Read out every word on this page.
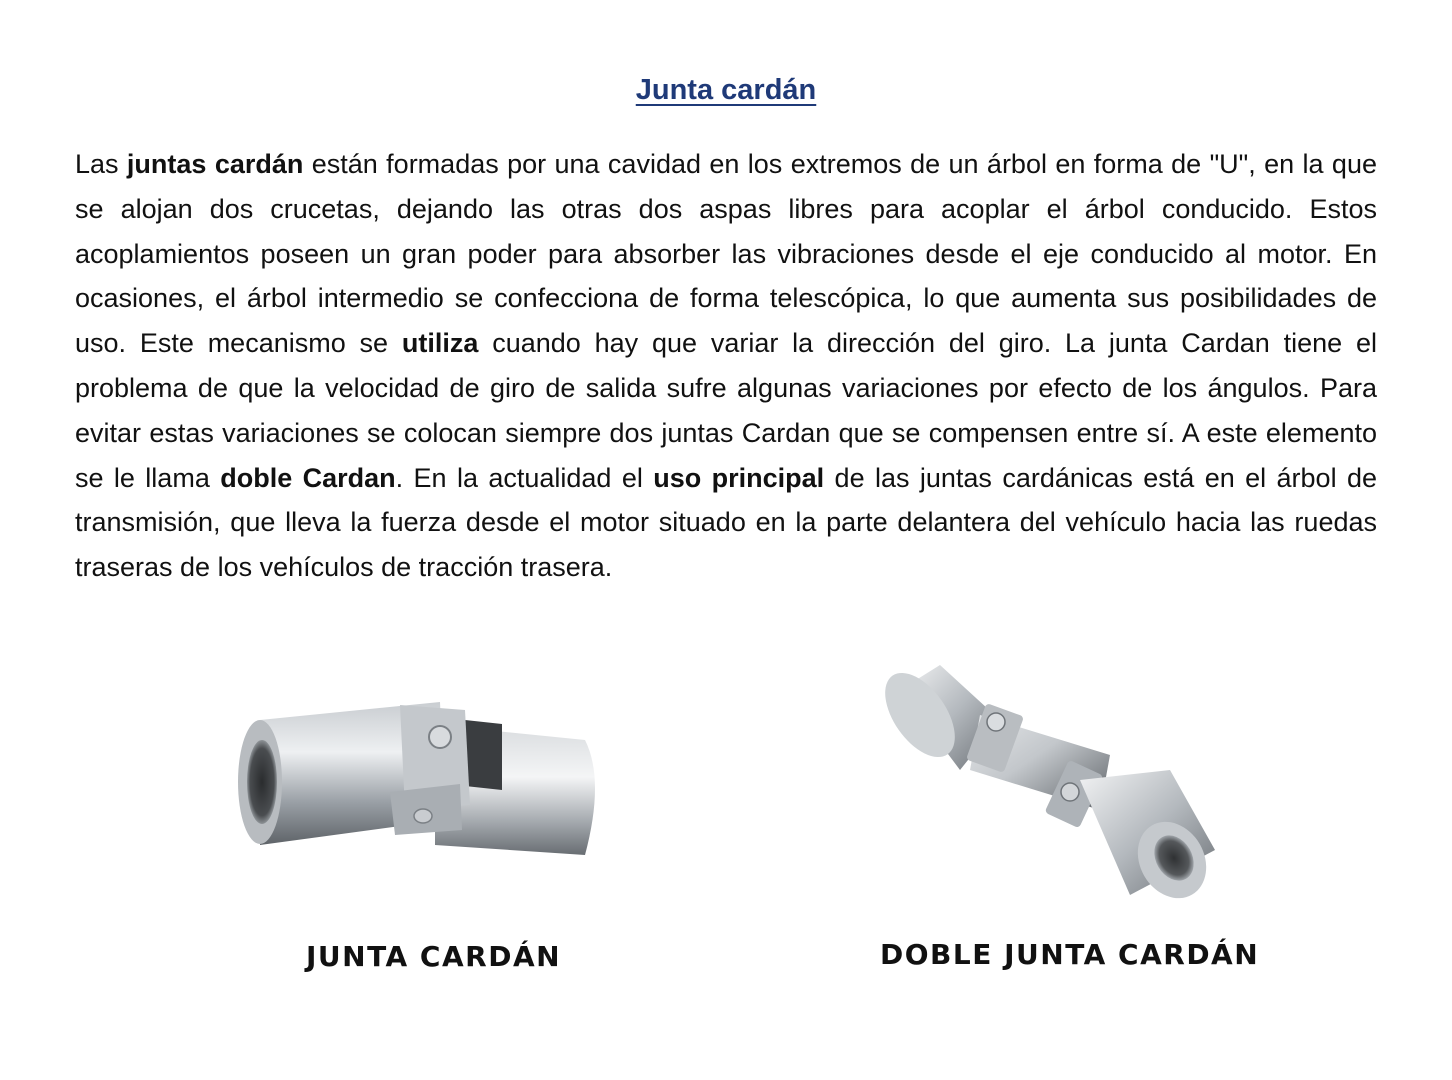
Junta cardán

Las juntas cardán están formadas por una cavidad en los extremos de un árbol en forma de "U", en la que se alojan dos crucetas, dejando las otras dos aspas libres para acoplar el árbol conducido. Estos acoplamientos poseen un gran poder para absorber las vibraciones desde el eje conducido al motor. En ocasiones, el árbol intermedio se confecciona de forma telescópica, lo que aumenta sus posibilidades de uso. Este mecanismo se utiliza cuando hay que variar la dirección del giro. La junta Cardan tiene el problema de que la velocidad de giro de salida sufre algunas variaciones por efecto de los ángulos. Para evitar estas variaciones se colocan siempre dos juntas Cardan que se compensen entre sí. A este elemento se le llama doble Cardan. En la actualidad el uso principal de las juntas cardánicas está en el árbol de transmisión, que lleva la fuerza desde el motor situado en la parte delantera del vehículo hacia las ruedas traseras de los vehículos de tracción trasera.

JUNTA CARDÁN	DOBLE JUNTA CARDÁN
